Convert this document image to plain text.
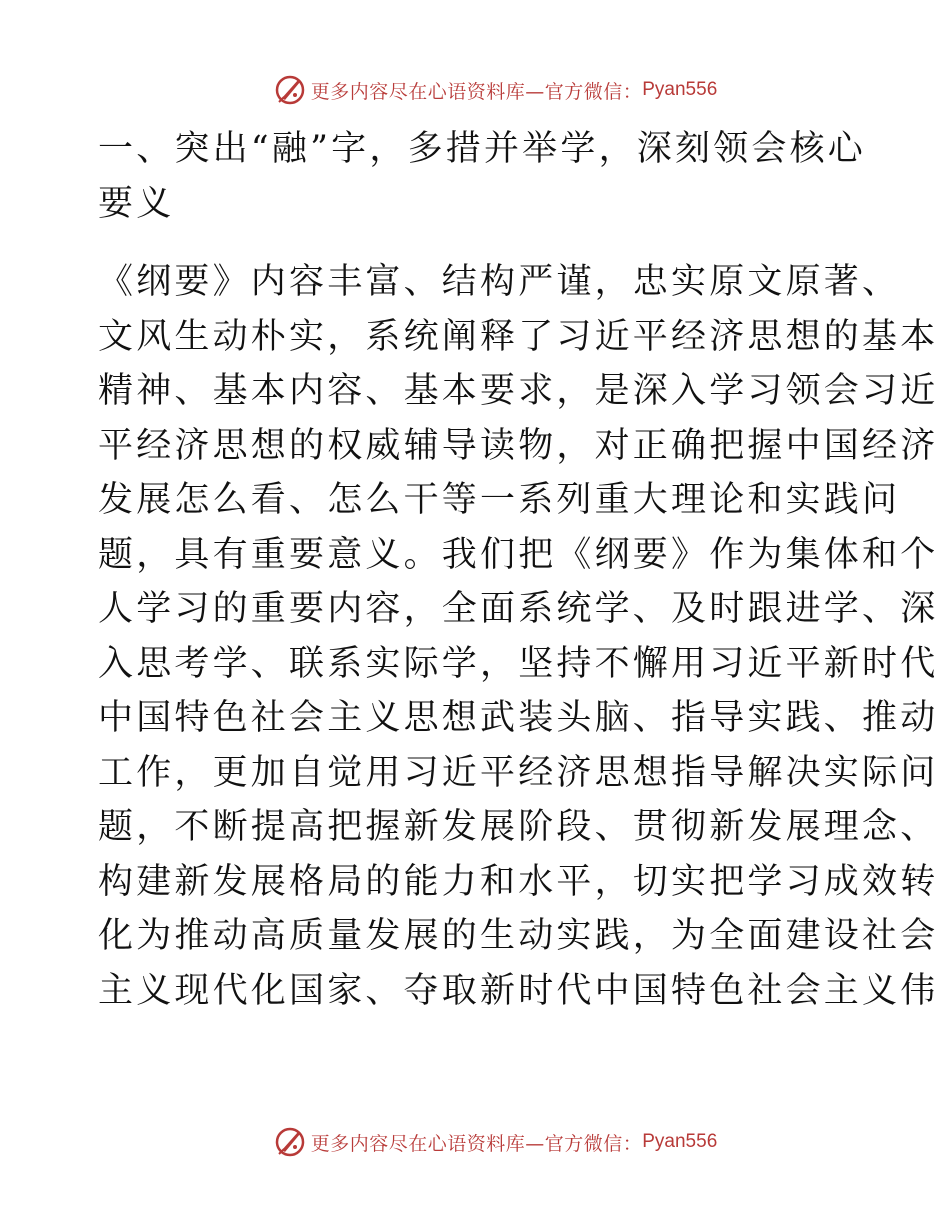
更多内容尽在心语资料库—官方微信： Pyan556
一、突出“融”字，多措并举学，深刻领会核心
要义
《纲要》内容丰富、结构严谨，忠实原文原著、
文风生动朴实，系统阐释了习近平经济思想的基本
精神、基本内容、基本要求，是深入学习领会习近
平经济思想的权威辅导读物，对正确把握中国经济
发展怎么看、怎么干等一系列重大理论和实践问
题，具有重要意义。我们把《纲要》作为集体和个
人学习的重要内容，全面系统学、及时跟进学、深
入思考学、联系实际学，坚持不懈用习近平新时代
中国特色社会主义思想武装头脑、指导实践、推动
工作，更加自觉用习近平经济思想指导解决实际问
题，不断提高把握新发展阶段、贯彻新发展理念、
构建新发展格局的能力和水平，切实把学习成效转
化为推动高质量发展的生动实践，为全面建设社会
主义现代化国家、夺取新时代中国特色社会主义伟
更多内容尽在心语资料库—官方微信： Pyan556
